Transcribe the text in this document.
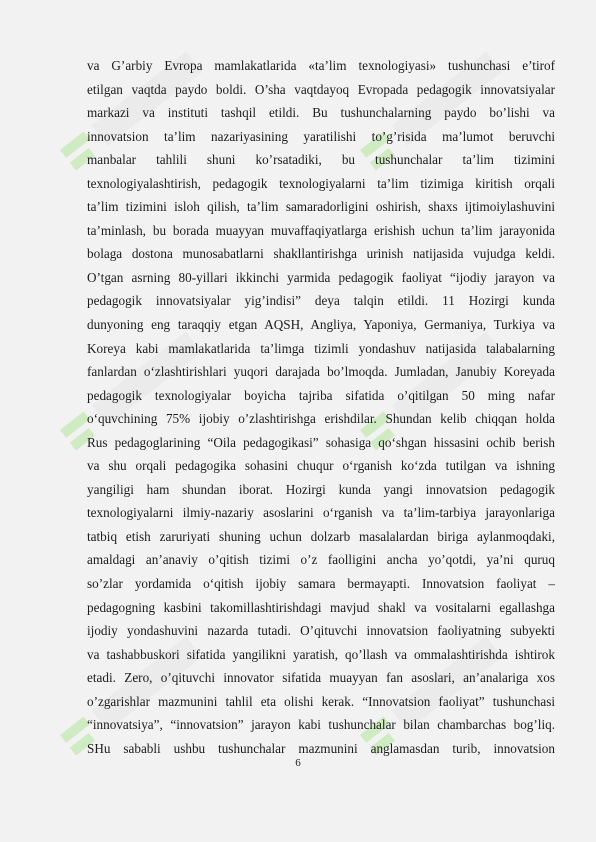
va G’arbiy Evropa mamlakatlarida «ta’lim texnologiyasi» tushunchasi e’tirof
etilgan vaqtda paydo boldi. O’sha vaqtdayoq Evropada pedagogik innovatsiyalar
markazi va instituti tashqil etildi. Bu tushunchalarning paydo bo’lishi va
innovatsion ta’lim nazariyasining yaratilishi to’g’risida ma’lumot beruvchi
manbalar tahlili shuni ko’rsatadiki, bu tushunchalar ta’lim tizimini
texnologiyalashtirish, pedagogik texnologiyalarni ta’lim tizimiga kiritish orqali
ta’lim tizimini isloh qilish, ta’lim samaradorligini oshirish, shaxs ijtimoiylashuvini
ta’minlash, bu borada muayyan muvaffaqiyatlarga erishish uchun ta’lim jarayonida
bolaga dostona munosabatlarni shakllantirishga urinish natijasida vujudga keldi.
O’tgan asrning 80-yillari ikkinchi yarmida pedagogik faoliyat “ijodiy jarayon va
pedagogik innovatsiyalar yig’indisi” deya talqin etildi. 11 Hozirgi kunda
dunyoning eng taraqqiy etgan AQSH, Angliya, Yaponiya, Germaniya, Turkiya va
Koreya kabi mamlakatlarida ta’limga tizimli yondashuv natijasida talabalarning
fanlardan o‘zlashtirishlari yuqori darajada bo’lmoqda. Jumladan, Janubiy Koreyada
pedagogik texnologiyalar boyicha tajriba sifatida o’qitilgan 50 ming nafar
o‘quvchining 75% ijobiy o’zlashtirishga erishdilar. Shundan kelib chiqqan holda
Rus pedagoglarining “Oila pedagogikasi” sohasiga qo‘shgan hissasini ochib berish
va shu orqali pedagogika sohasini chuqur o‘rganish ko‘zda tutilgan va ishning
yangiligi ham shundan iborat. Hozirgi kunda yangi innovatsion pedagogik
texnologiyalarni ilmiy-nazariy asoslarini o‘rganish va ta’lim-tarbiya jarayonlariga
tatbiq etish zaruriyati shuning uchun dolzarb masalalardan biriga aylanmoqdaki,
amaldagi an’anaviy o’qitish tizimi o’z faolligini ancha yo’qotdi, ya’ni quruq
so’zlar yordamida o‘qitish ijobiy samara bermayapti. Innovatsion faoliyat –
pedagogning kasbini takomillashtirishdagi mavjud shakl va vositalarni egallashga
ijodiy yondashuvini nazarda tutadi. O’qituvchi innovatsion faoliyatning subyekti
va tashabbuskori sifatida yangilikni yaratish, qo’llash va ommalashtirishda ishtirok
etadi. Zero, o’qituvchi innovator sifatida muayyan fan asoslari, an’analariga xos
o’zgarishlar mazmunini tahlil eta olishi kerak. “Innovatsion faoliyat” tushunchasi
“innovatsiya”, “innovatsion” jarayon kabi tushunchalar bilan chambarchas bog’liq.
SHu sababli ushbu tushunchalar mazmunini anglamasdan turib, innovatsion
6
